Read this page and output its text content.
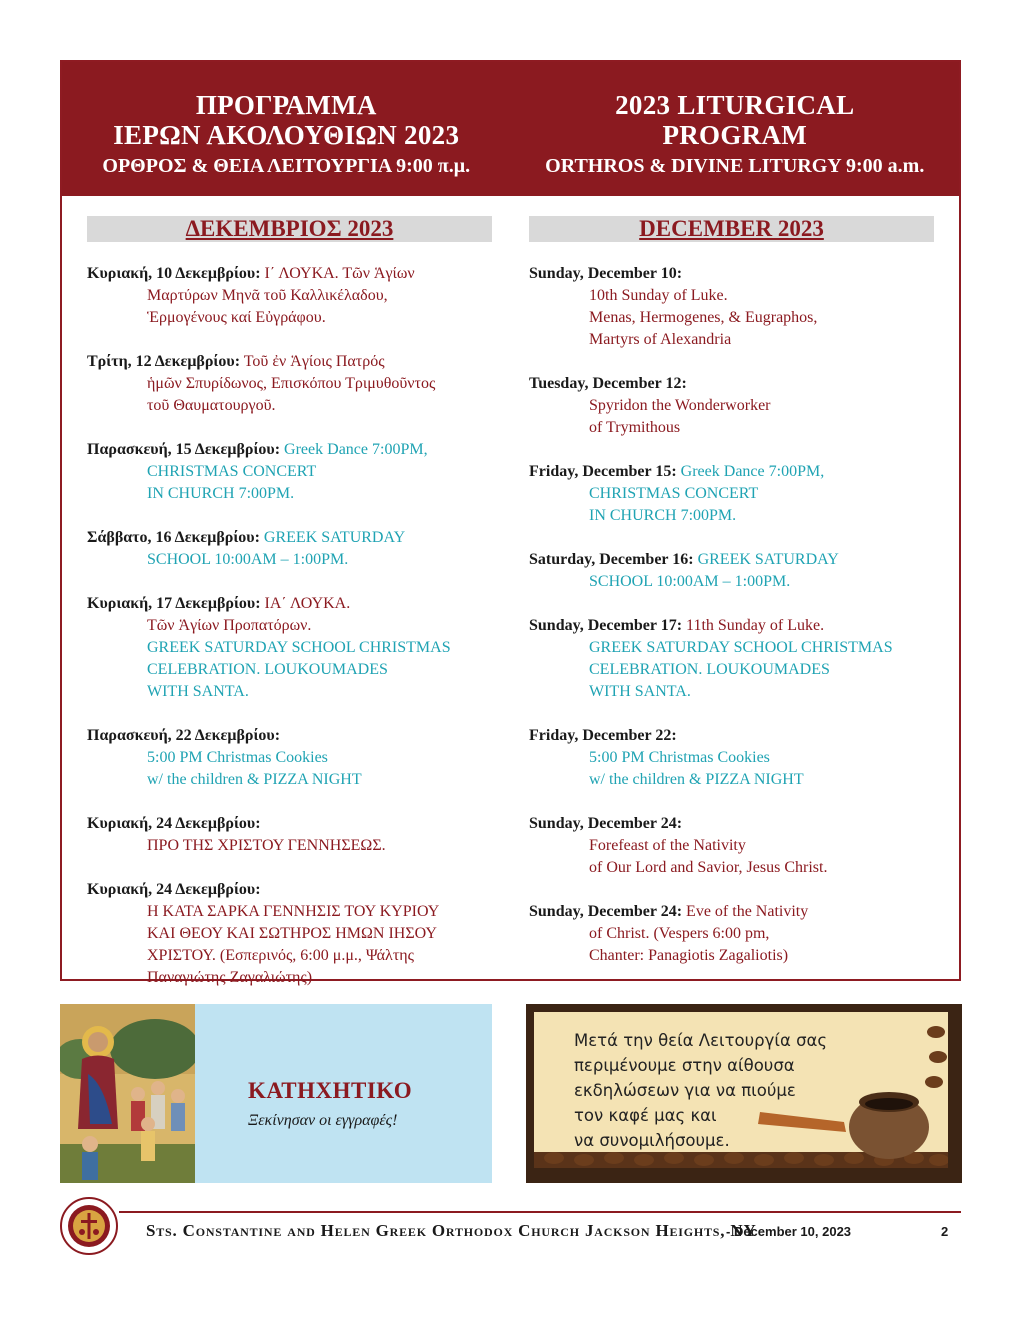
ΠΡΟΓΡΑΜΜΑ
ΙΕΡΩΝ ΑΚΟΛΟΥΘΙΩΝ 2023
ΟΡΘΡΟΣ & ΘΕΙΑ ΛΕΙΤΟΥΡΓΙΑ 9:00 π.μ.
2023 LITURGICAL
PROGRAM
ORTHROS & DIVINE LITURGY 9:00 a.m.
ΔΕΚΕΜΒΡΙΟΣ 2023
Κυριακή, 10 Δεκεμβρίου: Ι΄ ΛΟΥΚΑ. Τῶν Ἁγίων
Μαρτύρων Μηνᾶ τοῦ Καλλικέλαδου,
Ἑρμογένους καί Εὐγράφου.
Τρίτη, 12 Δεκεμβρίου: Τοῦ ἐν Ἁγίοις Πατρός
ἡμῶν Σπυρίδωνος, Επισκόπου Τριμυθοῦντος
τοῦ Θαυματουργοῦ.
Παρασκευή, 15 Δεκεμβρίου: Greek Dance 7:00PM,
CHRISTMAS CONCERT
IN CHURCH 7:00PM.
Σάββατο, 16 Δεκεμβρίου: GREEK SATURDAY
SCHOOL 10:00AM – 1:00PM.
Κυριακή, 17 Δεκεμβρίου: ΙΑ΄ ΛΟΥΚΑ.
Τῶν Ἁγίων Προπατόρων.
GREEK SATURDAY SCHOOL CHRISTMAS
CELEBRATION. LOUKOUMADES
WITH SANTA.
Παρασκευή, 22 Δεκεμβρίου:
5:00 PM Christmas Cookies
w/ the children & PIZZA NIGHT
Κυριακή, 24 Δεκεμβρίου:
ΠΡΟ ΤΗΣ ΧΡΙΣΤΟΥ ΓΕΝΝΗΣΕΩΣ.
Κυριακή, 24 Δεκεμβρίου:
Η ΚΑΤΑ ΣΑΡΚΑ ΓΕΝΝΗΣΙΣ ΤΟΥ ΚΥΡΙΟΥ
ΚΑΙ ΘΕΟΥ ΚΑΙ ΣΩΤΗΡΟΣ ΗΜΩΝ ΙΗΣΟΥ
ΧΡΙΣΤΟΥ. (Εσπερινός, 6:00 μ.μ., Ψάλτης
Παναγιώτης Ζαγαλιώτης)
DECEMBER 2023
Sunday, December 10:
10th Sunday of Luke.
Menas, Hermogenes, & Eugraphos,
Martyrs of Alexandria
Tuesday, December 12:
Spyridon the Wonderworker
of Trymithous
Friday, December 15: Greek Dance 7:00PM,
CHRISTMAS CONCERT
IN CHURCH 7:00PM.
Saturday, December 16: GREEK SATURDAY
SCHOOL 10:00AM – 1:00PM.
Sunday, December 17: 11th Sunday of Luke.
GREEK SATURDAY SCHOOL CHRISTMAS
CELEBRATION. LOUKOUMADES
WITH SANTA.
Friday, December 22:
5:00 PM Christmas Cookies
w/ the children & PIZZA NIGHT
Sunday, December 24:
Forefeast of the Nativity
of Our Lord and Savior, Jesus Christ.
Sunday, December 24: Eve of the Nativity
of Christ. (Vespers 6:00 pm,
Chanter: Panagiotis Zagaliotis)
ΚΑΤΗΧΗΤΙΚΟ
Ξεκίνησαν οι εγγραφές!
Μετά την θεία Λειτουργία σας
περιμένουμε στην αίθουσα
εκδηλώσεων για να πιούμε
τον καφέ μας και
να συνομιλήσουμε.
Sts. Constantine and Helen Greek Orthodox Church Jackson Heights, NY
- December 10, 2023	2
